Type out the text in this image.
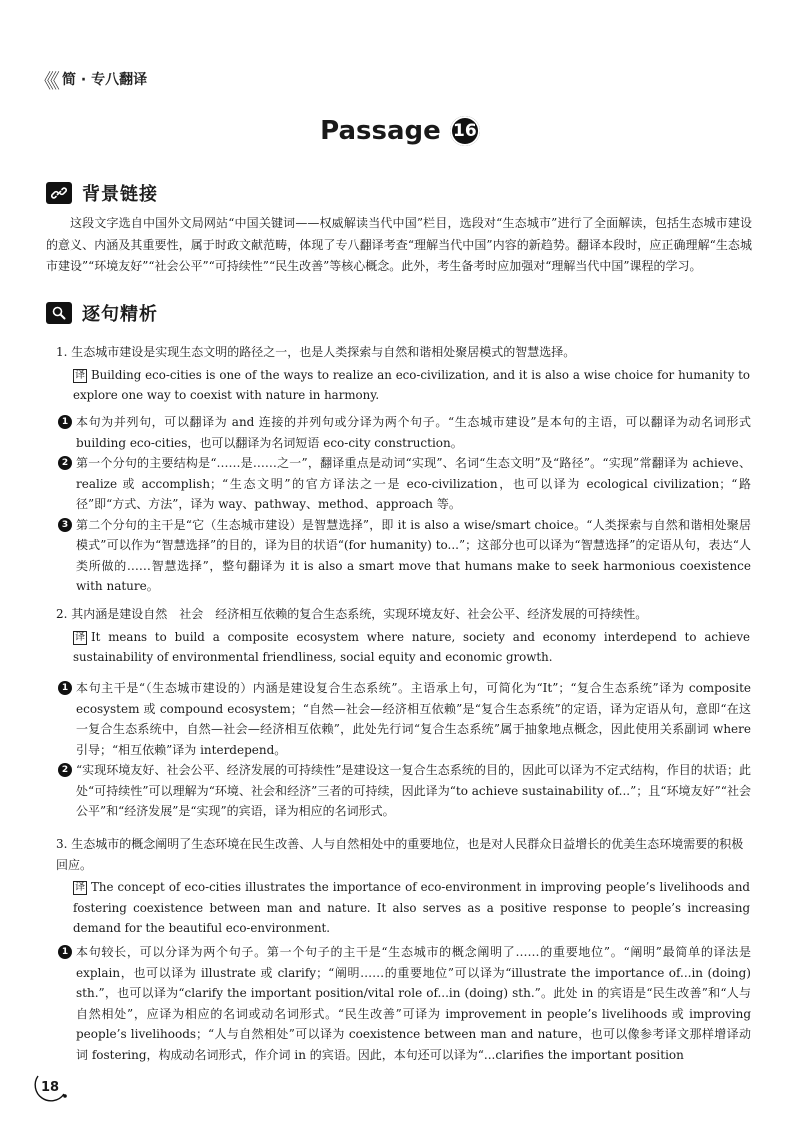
《《 简 · 专八翻译
Passage 16
背景链接
这段文字选自中国外文局网站“中国关键词——权威解读当代中国”栏目，选段对“生态城市”进行了全面解读，包括生态城市建设的意义、内涵及其重要性，属于时政文献范畴，体现了专八翻译考查“理解当代中国”内容的新趋势。翻译本段时，应正确理解“生态城市建设”“环境友好”“社会公平”“可持续性”“民生改善”等核心概念。此外，考生备考时应加强对“理解当代中国”课程的学习。
逐句精析

1. 生态城市建设是实现生态文明的路径之一，也是人类探索与自然和谐相处聚居模式的智慧选择。

译 Building eco-cities is one of the ways to realize an eco-civilization, and it is also a wise choice for humanity to explore one way to coexist with nature in harmony.

1 本句为并列句，可以翻译为 and 连接的并列句或分译为两个句子。“生态城市建设”是本句的主语，可以翻译为动名词形式 building eco-cities，也可以翻译为名词短语 eco-city construction。
2 第一个分句的主要结构是“……是……之一”，翻译重点是动词“实现”、名词“生态文明”及“路径”。“实现”常翻译为 achieve、realize 或 accomplish；“生态文明”的官方译法之一是 eco-civilization，也可以译为 ecological civilization；“路径”即“方式、方法”，译为 way、pathway、method、approach 等。
3 第二个分句的主干是“它（生态城市建设）是智慧选择”，即 it is also a wise/smart choice。“人类探索与自然和谐相处聚居模式”可以作为“智慧选择”的目的，译为目的状语“(for humanity) to...”；这部分也可以译为“智慧选择”的定语从句，表达“人类所做的……智慧选择”，整句翻译为 it is also a smart move that humans make to seek harmonious coexistence with nature。

2. 其内涵是建设自然　社会　经济相互依赖的复合生态系统，实现环境友好、社会公平、经济发展的可持续性。

译 It means to build a composite ecosystem where nature, society and economy interdepend to achieve sustainability of environmental friendliness, social equity and economic growth.

1 本句主干是“（生态城市建设的）内涵是建设复合生态系统”。主语承上句，可简化为“It”；“复合生态系统”译为 composite ecosystem 或 compound ecosystem；“自然—社会—经济相互依赖”是“复合生态系统”的定语，译为定语从句，意即“在这一复合生态系统中，自然—社会—经济相互依赖”，此处先行词“复合生态系统”属于抽象地点概念，因此使用关系副词 where 引导；“相互依赖”译为 interdepend。
2 “实现环境友好、社会公平、经济发展的可持续性”是建设这一复合生态系统的目的，因此可以译为不定式结构，作目的状语；此处“可持续性”可以理解为“环境、社会和经济”三者的可持续，因此译为“to achieve sustainability of...”；且“环境友好”“社会公平”和“经济发展”是“实现”的宾语，译为相应的名词形式。

3. 生态城市的概念阐明了生态环境在民生改善、人与自然相处中的重要地位，也是对人民群众日益增长的优美生态环境需要的积极回应。

译 The concept of eco-cities illustrates the importance of eco-environment in improving people’s livelihoods and fostering coexistence between man and nature. It also serves as a positive response to people’s increasing demand for the beautiful eco-environment.

1 本句较长，可以分译为两个句子。第一个句子的主干是“生态城市的概念阐明了……的重要地位”。“阐明”最简单的译法是 explain，也可以译为 illustrate 或 clarify；“阐明……的重要地位”可以译为“illustrate the importance of...in (doing) sth.”，也可以译为“clarify the important position/vital role of...in (doing) sth.”。此处 in 的宾语是“民生改善”和“人与自然相处”，应译为相应的名词或动名词形式。“民生改善”可译为 improvement in people’s livelihoods 或 improving people’s livelihoods；“人与自然相处”可以译为 coexistence between man and nature，也可以像参考译文那样增译动词 fostering，构成动名词形式，作介词 in 的宾语。因此，本句还可以译为“...clarifies the important position
18
